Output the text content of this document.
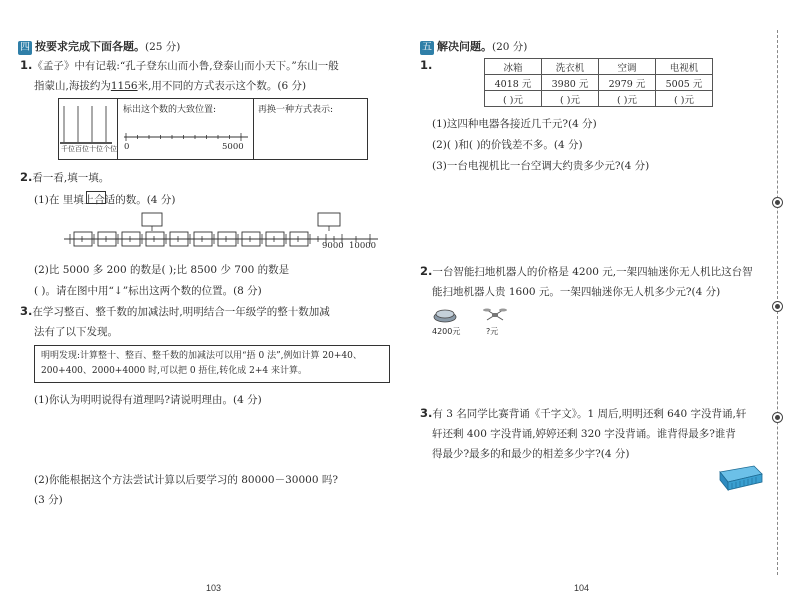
四 按要求完成下面各题。(25 分)
1.《孟子》中有记载:“孔子登东山而小鲁,登泰山而小天下。”东山一般
指蒙山,海拔约为1156米,用不同的方式表示这个数。(6 分)
千位百位十位个位
标出这个数的大致位置:	再换一种方式表示:
0	5000
2.看一看,填一填。
(1)在 里填上合适的数。(4 分)
9000 10000
(2)比 5000 多 200 的数是( );比 8500 少 700 的数是
( )。请在图中用“↓”标出这两个数的位置。(8 分)
3.在学习整百、整千数的加减法时,明明结合一年级学的整十数加减
法有了以下发现。
明明发现:计算整十、整百、整千数的加减法可以用“捂 0 法”,例如计算 20+40、
200+400、2000+4000 时,可以把 0 捂住,转化成 2+4 来计算。
(1)你认为明明说得有道理吗?请说明理由。(4 分)
(2)你能根据这个方法尝试计算以后要学习的 80000－30000 吗?
(3 分)
103
五 解决问题。(20 分)
1.	冰箱	洗衣机	空调	电视机
4018 元	3980 元	2979 元	5005 元
( )元	( )元	( )元	( )元
(1)这四种电器各接近几千元?(4 分)
(2)( )和( )的价钱差不多。(4 分)
(3)一台电视机比一台空调大约贵多少元?(4 分)
2.一台智能扫地机器人的价格是 4200 元,一架四轴迷你无人机比这台智
能扫地机器人贵 1600 元。一架四轴迷你无人机多少元?(4 分)
4200元	?元
3.有 3 名同学比赛背诵《千字文》。1 周后,明明还剩 640 字没背诵,轩
轩还剩 400 字没背诵,婷婷还剩 320 字没背诵。谁背得最多?谁背
得最少?最多的和最少的相差多少字?(4 分)
104
